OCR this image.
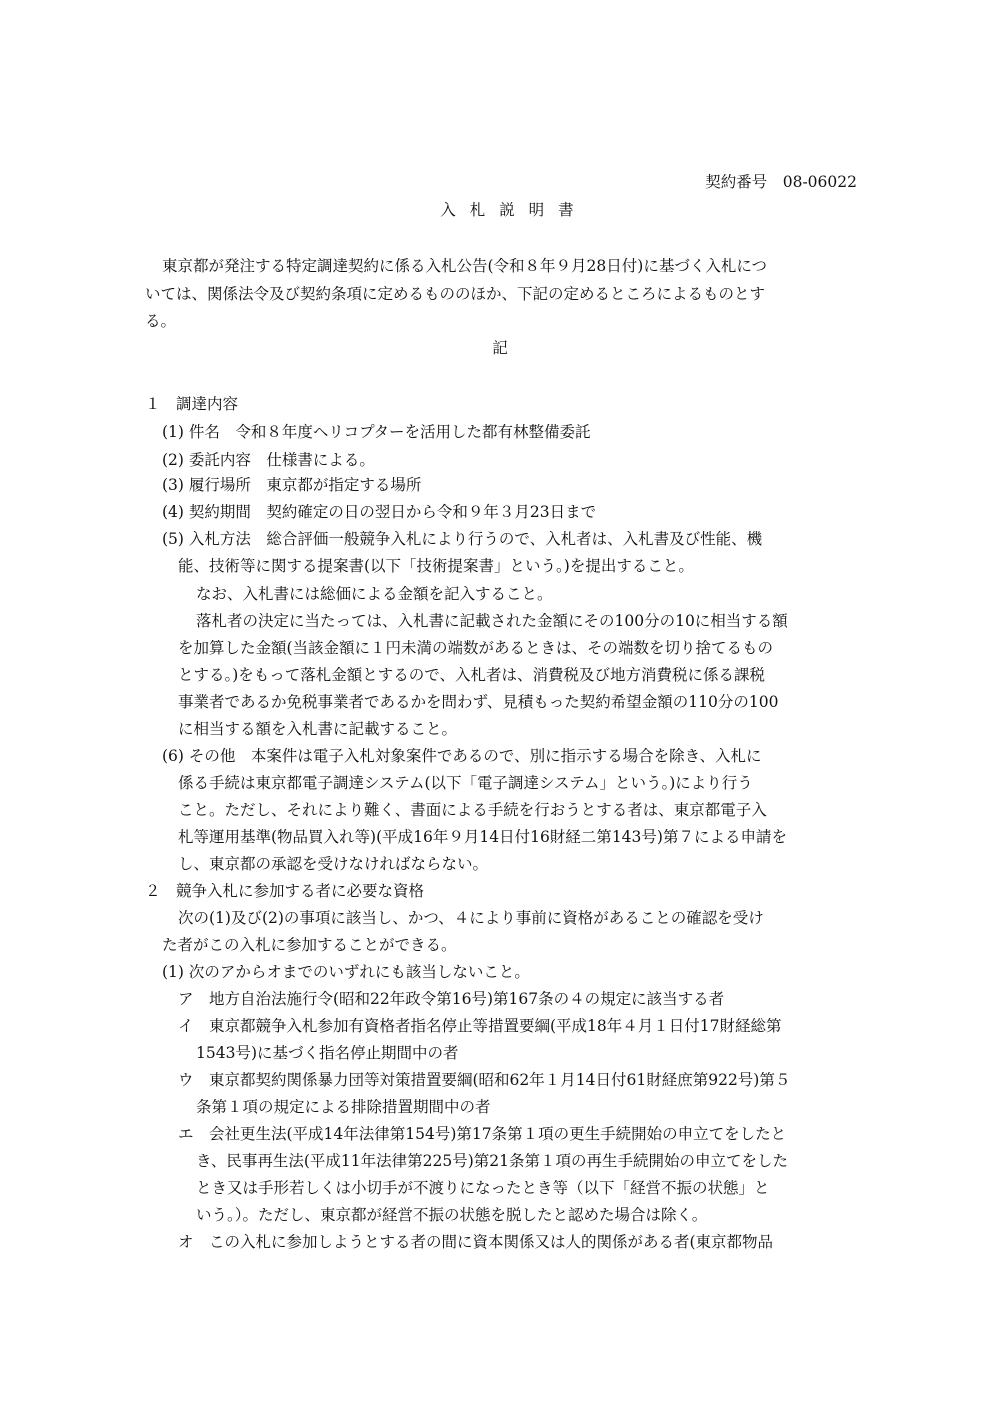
契約番号　08-06022
入札説明書
東京都が発注する特定調達契約に係る入札公告(令和８年９月28日付)に基づく入札につ
いては、関係法令及び契約条項に定めるもののほか、下記の定めるところによるものとす
る。
記
１　調達内容
(1) 件名　令和８年度ヘリコプターを活用した都有林整備委託
(2) 委託内容　仕様書による。
(3) 履行場所　東京都が指定する場所
(4) 契約期間　契約確定の日の翌日から令和９年３月23日まで
(5) 入札方法　総合評価一般競争入札により行うので、入札者は、入札書及び性能、機
能、技術等に関する提案書(以下「技術提案書」という。)を提出すること。
なお、入札書には総価による金額を記入すること。
落札者の決定に当たっては、入札書に記載された金額にその100分の10に相当する額
を加算した金額(当該金額に１円未満の端数があるときは、その端数を切り捨てるもの
とする。)をもって落札金額とするので、入札者は、消費税及び地方消費税に係る課税
事業者であるか免税事業者であるかを問わず、見積もった契約希望金額の110分の100
に相当する額を入札書に記載すること。
(6) その他　本案件は電子入札対象案件であるので、別に指示する場合を除き、入札に
係る手続は東京都電子調達システム(以下「電子調達システム」という。)により行う
こと。ただし、それにより難く、書面による手続を行おうとする者は、東京都電子入
札等運用基準(物品買入れ等)(平成16年９月14日付16財経二第143号)第７による申請を
し、東京都の承認を受けなければならない。
２　競争入札に参加する者に必要な資格
次の(1)及び(2)の事項に該当し、かつ、４により事前に資格があることの確認を受け
た者がこの入札に参加することができる。
(1) 次のアからオまでのいずれにも該当しないこと。
ア　地方自治法施行令(昭和22年政令第16号)第167条の４の規定に該当する者
イ　東京都競争入札参加有資格者指名停止等措置要綱(平成18年４月１日付17財経総第
1543号)に基づく指名停止期間中の者
ウ　東京都契約関係暴力団等対策措置要綱(昭和62年１月14日付61財経庶第922号)第５
条第１項の規定による排除措置期間中の者
エ　会社更生法(平成14年法律第154号)第17条第１項の更生手続開始の申立てをしたと
き、民事再生法(平成11年法律第225号)第21条第１項の再生手続開始の申立てをした
とき又は手形若しくは小切手が不渡りになったとき等（以下「経営不振の状態」と
いう。）。ただし、東京都が経営不振の状態を脱したと認めた場合は除く。
オ　この入札に参加しようとする者の間に資本関係又は人的関係がある者(東京都物品
